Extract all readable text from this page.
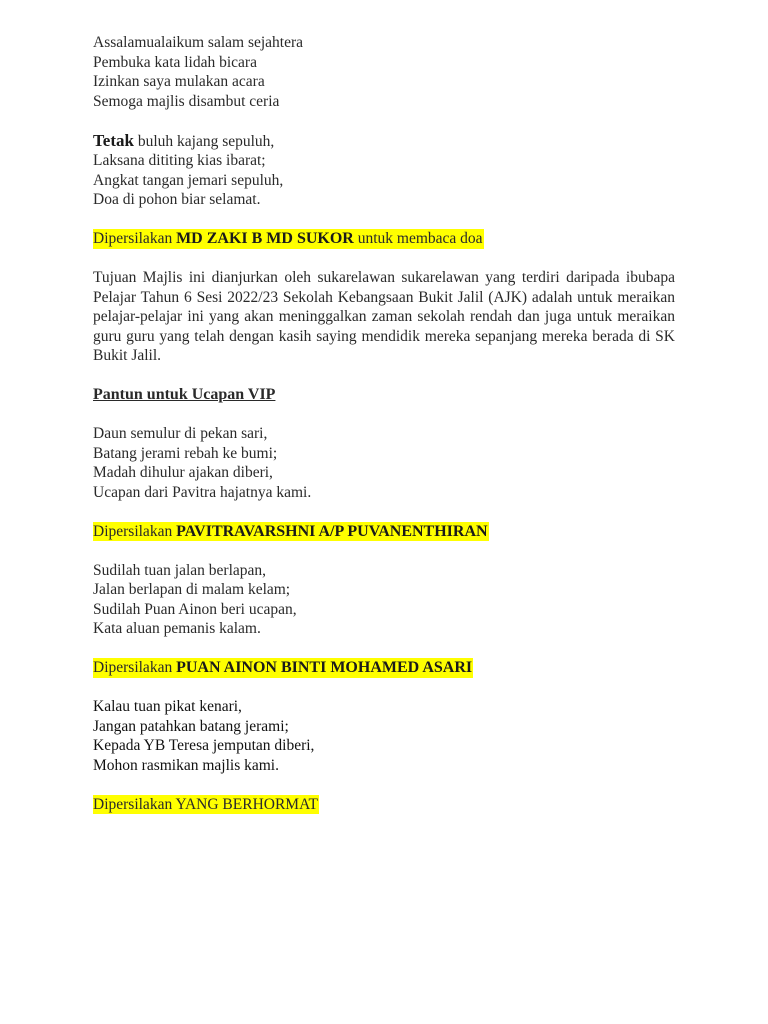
Assalamualaikum salam sejahtera
Pembuka kata lidah bicara
Izinkan saya mulakan acara
Semoga majlis disambut ceria
Tetak buluh kajang sepuluh,
Laksana dititing kias ibarat;
Angkat tangan jemari sepuluh,
Doa di pohon biar selamat.
Dipersilakan MD ZAKI B MD SUKOR untuk membaca doa
Tujuan Majlis ini dianjurkan oleh sukarelawan sukarelawan yang terdiri daripada ibubapa Pelajar Tahun 6 Sesi 2022/23 Sekolah Kebangsaan Bukit Jalil (AJK) adalah untuk meraikan pelajar-pelajar ini yang akan meninggalkan zaman sekolah rendah dan juga untuk meraikan guru guru yang telah dengan kasih saying mendidik mereka sepanjang mereka berada di SK Bukit Jalil.
Pantun untuk Ucapan VIP
Daun semulur di pekan sari,
Batang jerami rebah ke bumi;
Madah dihulur ajakan diberi,
Ucapan dari Pavitra hajatnya kami.
Dipersilakan PAVITRAVARSHNI A/P PUVANENTHIRAN
Sudilah tuan jalan berlapan,
Jalan berlapan di malam kelam;
Sudilah Puan Ainon beri ucapan,
Kata aluan pemanis kalam.
Dipersilakan PUAN AINON BINTI MOHAMED ASARI
Kalau tuan pikat kenari,
Jangan patahkan batang jerami;
Kepada YB Teresa jemputan diberi,
Mohon rasmikan majlis kami.
Dipersilakan YANG BERHORMAT
